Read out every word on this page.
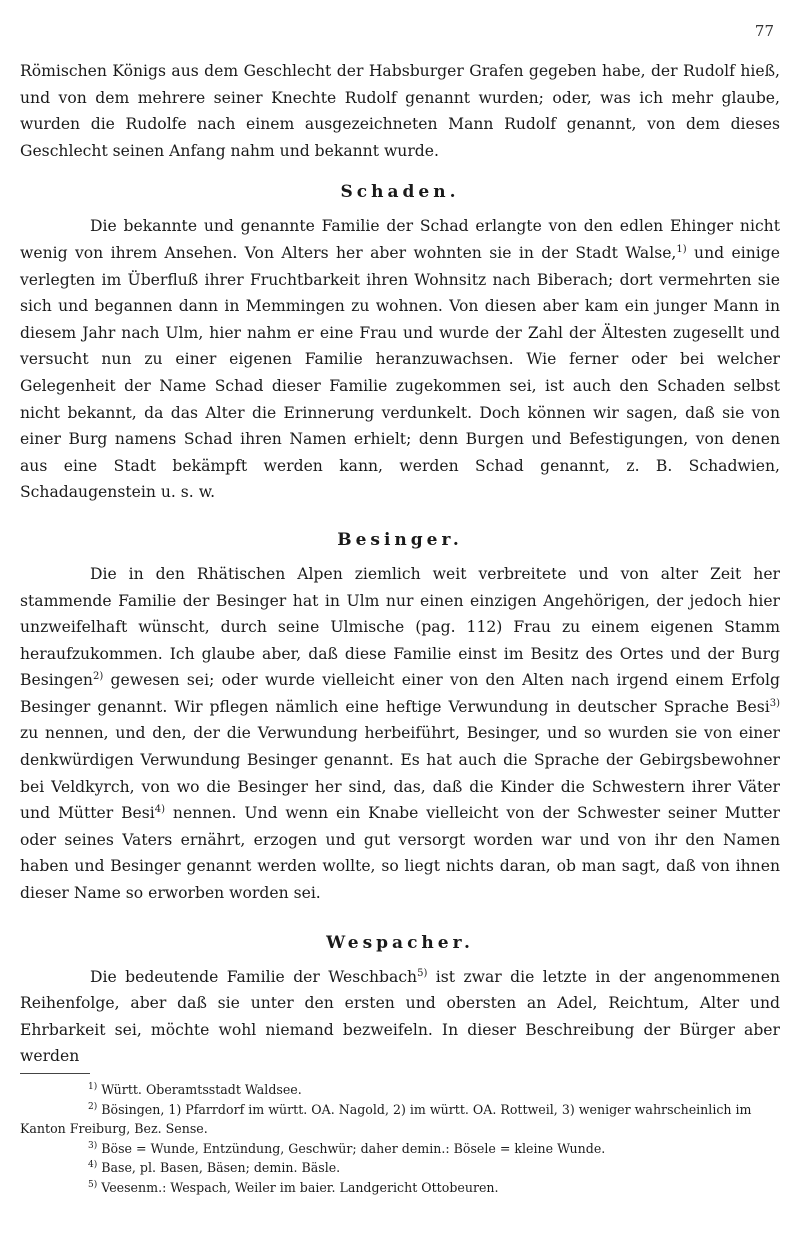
77

Römischen Königs aus dem Geschlecht der Habsburger Grafen gegeben habe, der Rudolf hieß, und von dem mehrere seiner Knechte Rudolf genannt wurden; oder, was ich mehr glaube, wurden die Rudolfe nach einem ausgezeichneten Mann Rudolf genannt, von dem dieses Geschlecht seinen Anfang nahm und bekannt wurde.

Schaden.

Die bekannte und genannte Familie der Schad erlangte von den edlen Ehinger nicht wenig von ihrem Ansehen. Von Alters her aber wohnten sie in der Stadt Walse,$^{1)}$ und einige verlegten im Überfluß ihrer Fruchtbarkeit ihren Wohnsitz nach Biberach; dort vermehrten sie sich und begannen dann in Memmingen zu wohnen. Von diesen aber kam ein junger Mann in diesem Jahr nach Ulm, hier nahm er eine Frau und wurde der Zahl der Ältesten zugesellt und versucht nun zu einer eigenen Familie heranzuwachsen. Wie ferner oder bei welcher Gelegenheit der Name Schad dieser Familie zugekommen sei, ist auch den Schaden selbst nicht bekannt, da das Alter die Erinnerung verdunkelt. Doch können wir sagen, daß sie von einer Burg namens Schad ihren Namen erhielt; denn Burgen und Befestigungen, von denen aus eine Stadt bekämpft werden kann, werden Schad genannt, z. B. Schadwien, Schadaugenstein u. s. w.

Besinger.

Die in den Rhätischen Alpen ziemlich weit verbreitete und von alter Zeit her stammende Familie der Besinger hat in Ulm nur einen einzigen Angehörigen, der jedoch hier unzweifelhaft wünscht, durch seine Ulmische (pag. 112) Frau zu einem eigenen Stamm heraufzukommen. Ich glaube aber, daß diese Familie einst im Besitz des Ortes und der Burg Besingen$^{2)}$ gewesen sei; oder wurde vielleicht einer von den Alten nach irgend einem Erfolg Besinger genannt. Wir pflegen nämlich eine heftige Verwundung in deutscher Sprache Besi$^{3)}$ zu nennen, und den, der die Verwundung herbeiführt, Besinger, und so wurden sie von einer denkwürdigen Verwundung Besinger genannt. Es hat auch die Sprache der Gebirgsbewohner bei Veldkyrch, von wo die Besinger her sind, das, daß die Kinder die Schwestern ihrer Väter und Mütter Besi$^{4)}$ nennen. Und wenn ein Knabe vielleicht von der Schwester seiner Mutter oder seines Vaters ernährt, erzogen und gut versorgt worden war und von ihr den Namen haben und Besinger genannt werden wollte, so liegt nichts daran, ob man sagt, daß von ihnen dieser Name so erworben worden sei.

Wespacher.

Die bedeutende Familie der Weschbach$^{5)}$ ist zwar die letzte in der angenommenen Reihenfolge, aber daß sie unter den ersten und obersten an Adel, Reichtum, Alter und Ehrbarkeit sei, möchte wohl niemand bezweifeln. In dieser Beschreibung der Bürger aber werden

$^{1)}$ Württ. Oberamtsstadt Waldsee.

$^{2)}$ Bösingen, 1) Pfarrdorf im württ. OA. Nagold, 2) im württ. OA. Rottweil, 3) weniger wahrscheinlich im Kanton Freiburg, Bez. Sense.

$^{3)}$ Böse = Wunde, Entzündung, Geschwür; daher demin.: Bösele = kleine Wunde.

$^{4)}$ Base, pl. Basen, Bäsen; demin. Bäsle.

$^{5)}$ Veesenm.: Wespach, Weiler im baier. Landgericht Ottobeuren.
